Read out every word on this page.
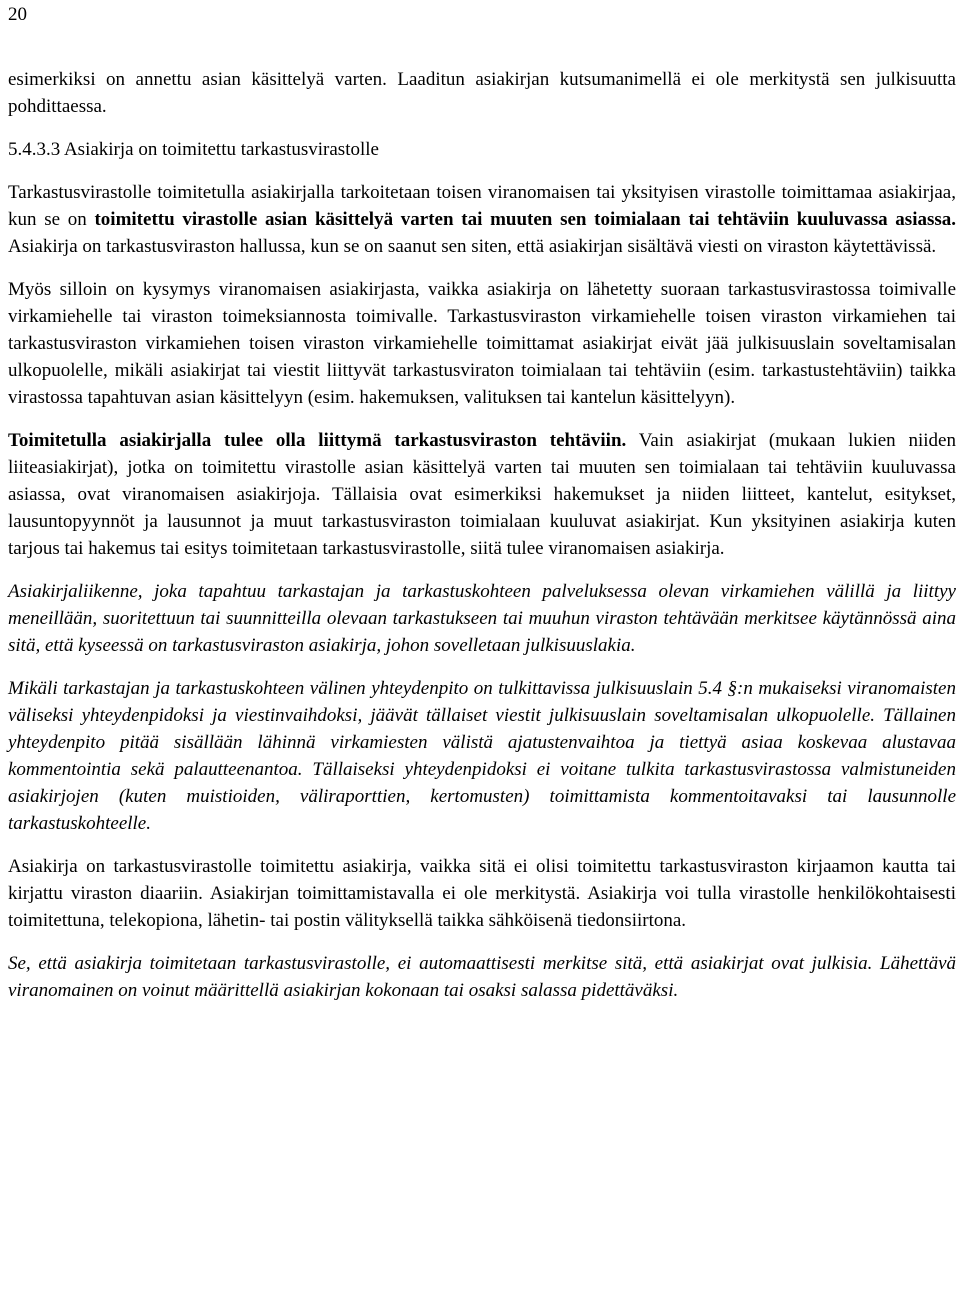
20

esimerkiksi on annettu asian käsittelyä varten. Laaditun asiakirjan kutsumanimellä ei ole merkitystä sen julkisuutta pohdittaessa.

5.4.3.3 Asiakirja on toimitettu tarkastusvirastolle

Tarkastusvirastolle toimitetulla asiakirjalla tarkoitetaan toisen viranomaisen tai yksityisen virastolle toimittamaa asiakirjaa, kun se on toimitettu virastolle asian käsittelyä varten tai muuten sen toimialaan tai tehtäviin kuuluvassa asiassa. Asiakirja on tarkastusviraston hallussa, kun se on saanut sen siten, että asiakirjan sisältävä viesti on viraston käytettävissä.

Myös silloin on kysymys viranomaisen asiakirjasta, vaikka asiakirja on lähetetty suoraan tarkastusvirastossa toimivalle virkamiehelle tai viraston toimeksiannosta toimivalle. Tarkastusviraston virkamiehelle toisen viraston virkamiehen tai tarkastusviraston virkamiehen toisen viraston virkamiehelle toimittamat asiakirjat eivät jää julkisuuslain soveltamisalan ulkopuolelle, mikäli asiakirjat tai viestit liittyvät tarkastusviraton toimialaan tai tehtäviin (esim. tarkastustehtäviin) taikka virastossa tapahtuvan asian käsittelyyn (esim. hakemuksen, valituksen tai kantelun käsittelyyn).

Toimitetulla asiakirjalla tulee olla liittymä tarkastusviraston tehtäviin. Vain asiakirjat (mukaan lukien niiden liiteasiakirjat), jotka on toimitettu virastolle asian käsittelyä varten tai muuten sen toimialaan tai tehtäviin kuuluvassa asiassa, ovat viranomaisen asiakirjoja. Tällaisia ovat esimerkiksi hakemukset ja niiden liitteet, kantelut, esitykset, lausuntopyynnöt ja lausunnot ja muut tarkastusviraston toimialaan kuuluvat asiakirjat. Kun yksityinen asiakirja kuten tarjous tai hakemus tai esitys toimitetaan tarkastusvirastolle, siitä tulee viranomaisen asiakirja.

Asiakirjaliikenne, joka tapahtuu tarkastajan ja tarkastuskohteen palveluksessa olevan virkamiehen välillä ja liittyy meneillään, suoritettuun tai suunnitteilla olevaan tarkastukseen tai muuhun viraston tehtävään merkitsee käytännössä aina sitä, että kyseessä on tarkastusviraston asiakirja, johon sovelletaan julkisuuslakia.

Mikäli tarkastajan ja tarkastuskohteen välinen yhteydenpito on tulkittavissa julkisuuslain 5.4 §:n mukaiseksi viranomaisten väliseksi yhteydenpidoksi ja viestinvaihdoksi, jäävät tällaiset viestit julkisuuslain soveltamisalan ulkopuolelle. Tällainen yhteydenpito pitää sisällään lähinnä virkamiesten välistä ajatustenvaihtoa ja tiettyä asiaa koskevaa alustavaa kommentointia sekä palautteenantoa. Tällaiseksi yhteydenpidoksi ei voitane tulkita tarkastusvirastossa valmistuneiden asiakirjojen (kuten muistioiden, väliraporttien, kertomusten) toimittamista kommentoitavaksi tai lausunnolle tarkastuskohteelle.

Asiakirja on tarkastusvirastolle toimitettu asiakirja, vaikka sitä ei olisi toimitettu tarkastusviraston kirjaamon kautta tai kirjattu viraston diaariin. Asiakirjan toimittamistavalla ei ole merkitystä. Asiakirja voi tulla virastolle henkilökohtaisesti toimitettuna, telekopiona, lähetin- tai postin välityksellä taikka sähköisenä tiedonsiirtona.

Se, että asiakirja toimitetaan tarkastusvirastolle, ei automaattisesti merkitse sitä, että asiakirjat ovat julkisia. Lähettävä viranomainen on voinut määrittellä asiakirjan kokonaan tai osaksi salassa pidettäväksi.
